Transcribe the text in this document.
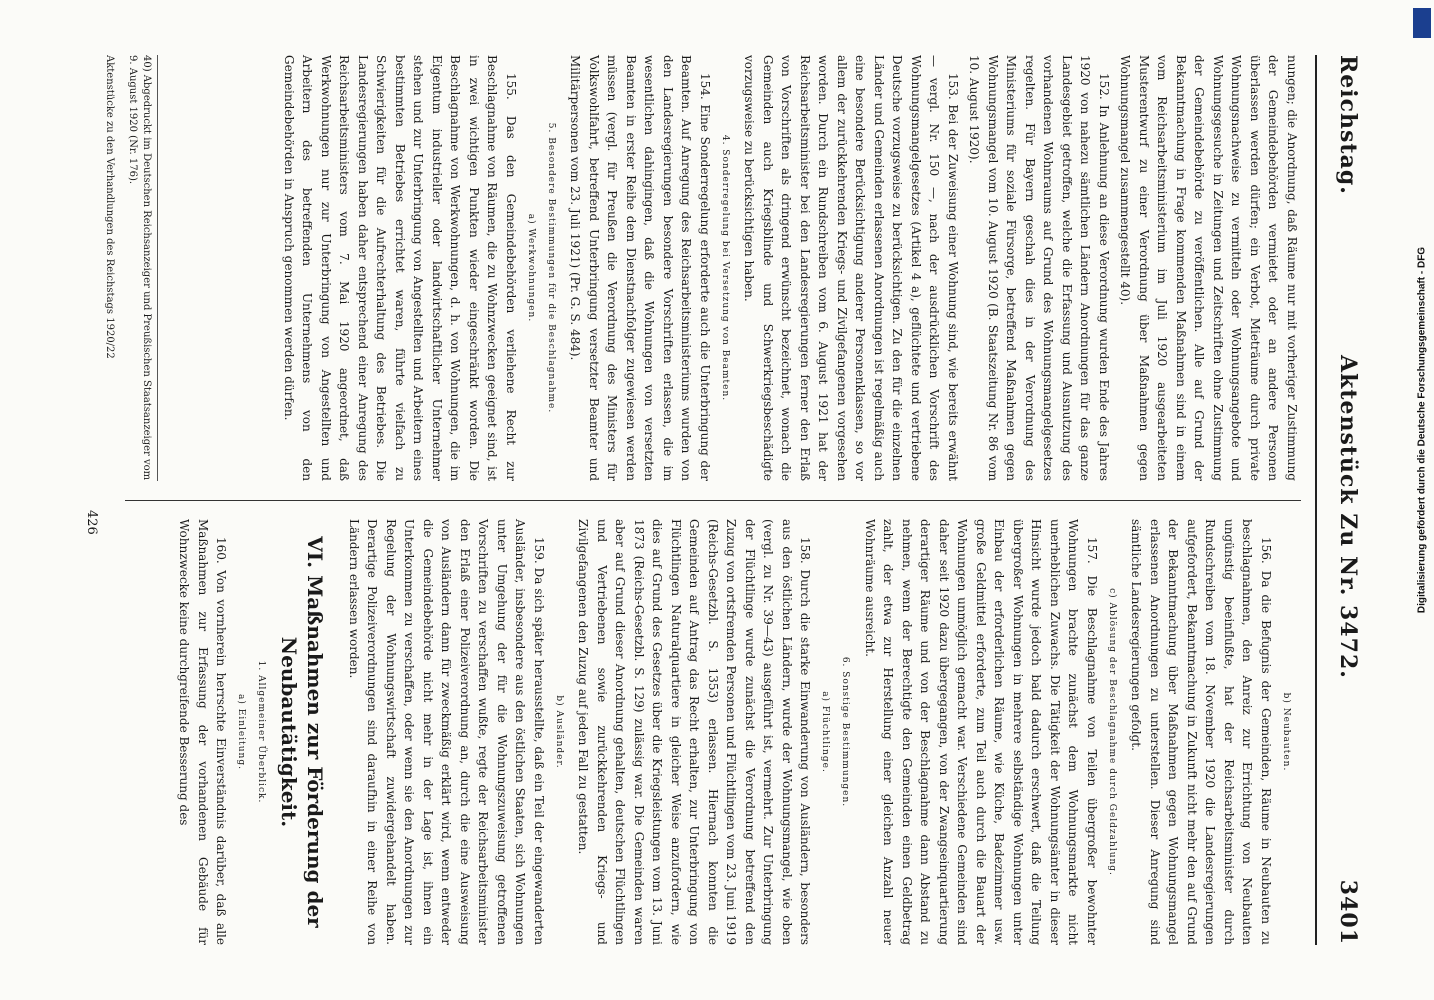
Reichstag.
Aktenstück Zu Nr. 3472.
3401

nungen; die Anordnung, daß Räume nur mit vorheriger Zustimmung der Gemeindebehörden vermietet oder an andere Personen überlassen werden dürfen; ein Verbot, Mieträume durch private Wohnungsnachweise zu vermitteln oder Wohnungsangebote und Wohnungsgesuche in Zeitungen und Zeitschriften ohne Zustimmung der Gemeindebehörde zu veröffentlichen. Alle auf Grund der Bekanntmachung in Frage kommenden Maßnahmen sind in einem vom Reichsarbeitsministerium im Juli 1920 ausgearbeiteten Musterentwurf zu einer Verordnung über Maßnahmen gegen Wohnungsmangel zusammengestellt 40).

152. In Anlehnung an diese Verordnung wurden Ende des Jahres 1920 von nahezu sämtlichen Ländern Anordnungen für das ganze Landesgebiet getroffen, welche die Erfassung und Ausnutzung des vorhandenen Wohnraums auf Grund des Wohnungsmangelgesetzes regelten. Für Bayern geschah dies in der Verordnung des Ministeriums für soziale Fürsorge, betreffend Maßnahmen gegen Wohnungsmangel vom 10. August 1920 (B. Staatszeitung Nr. 86 vom 10. August 1920).

153. Bei der Zuweisung einer Wohnung sind, wie bereits erwähnt — vergl. Nr. 150 —, nach der ausdrücklichen Vorschrift des Wohnungsmangelgesetzes (Artikel 4 a), geflüchtete und vertriebene Deutsche vorzugsweise zu berücksichtigen. Zu den für die einzelnen Länder und Gemeinden erlassenen Anordnungen ist regelmäßig auch eine besondere Berücksichtigung anderer Personenklassen, so vor allem der zurückkehrenden Kriegs- und Zivilgefangenen vorgesehen worden. Durch ein Rundschreiben vom 6. August 1921 hat der Reichsarbeitsminister bei den Landesregierungen ferner den Erlaß von Vorschriften als dringend erwünscht bezeichnet, wonach die Gemeinden auch Kriegsblinde und Schwerkriegsbeschädigte vorzugsweise zu berücksichtigen haben.

4. Sonderregelung bei Versetzung von Beamten.

154. Eine Sonderregelung erforderte auch die Unterbringung der Beamten. Auf Anregung des Reichsarbeitsministeriums wurden von den Landesregierungen besondere Vorschriften erlassen, die im wesentlichen dahingingen, daß die Wohnungen von versetzten Beamten in erster Reihe dem Dienstnachfolger zugewiesen werden müssen (vergl. für Preußen die Verordnung des Ministers für Volkswohlfahrt, betreffend Unterbringung versetzter Beamter und Militärpersonen vom 23. Juli 1921) (Pr. G. S. 484).

5. Besondere Bestimmungen für die Beschlagnahme.
a) Werkwohnungen.

155. Das den Gemeindebehörden verliehene Recht zur Beschlagnahme von Räumen, die zu Wohnzwecken geeignet sind, ist in zwei wichtigen Punkten wieder eingeschränkt worden. Die Beschlagnahme von Werkwohnungen, d. h. von Wohnungen, die im Eigentum industrieller oder landwirtschaftlicher Unternehmer stehen und zur Unterbringung von Angestellten und Arbeitern eines bestimmten Betriebes errichtet waren, führte vielfach zu Schwierigkeiten für die Aufrechterhaltung des Betriebes. Die Landesregierungen haben daher entsprechend einer Anregung des Reichsarbeitsministers vom 7. Mai 1920 angeordnet, daß Werkwohnungen nur zur Unterbringung von Angestellten und Arbeitern des betreffenden Unternehmens von den Gemeindebehörden in Anspruch genommen werden dürfen.

40) Abgedruckt im Deutschen Reichsanzeiger und Preußischen Staatsanzeiger vom 9. August 1920 (Nr. 176).

b) Neubauten.

156. Da die Befugnis der Gemeinden, Räume in Neubauten zu beschlagnahmen, den Anreiz zur Errichtung von Neubauten ungünstig beeinflußte, hat der Reichsarbeitsminister durch Rundschreiben vom 18. November 1920 die Landesregierungen aufgefordert, Bekanntmachung in Zukunft nicht mehr den auf Grund der Bekanntmachung über Maßnahmen gegen Wohnungsmangel erlassenen Anordnungen zu unterstellen. Dieser Anregung sind sämtliche Landesregierungen gefolgt.

c) Ablösung der Beschlagnahme durch Geldzahlung.

157. Die Beschlagnahme von Teilen übergroßer bewohnter Wohnungen brachte zunächst dem Wohnungsmarkte nicht unerheblichen Zuwachs. Die Tätigkeit der Wohnungsämter in dieser Hinsicht wurde jedoch bald dadurch erschwert, daß die Teilung übergroßer Wohnungen in mehrere selbständige Wohnungen unter Einbau der erforderlichen Räume, wie Küche, Badezimmer usw. große Geldmittel erforderte, zum Teil auch durch die Bauart der Wohnungen unmöglich gemacht war. Verschiedene Gemeinden sind daher seit 1920 dazu übergegangen, von der Zwangseinquartierung derartiger Räume und von der Beschlagnahme dann Abstand zu nehmen, wenn der Berechtigte den Gemeinden einen Geldbetrag zahlt, der etwa zur Herstellung einer gleichen Anzahl neuer Wohnräume ausreicht.

6. Sonstige Bestimmungen.
a) Flüchtlinge.

158. Durch die starke Einwanderung von Ausländern, besonders aus den östlichen Ländern, wurde der Wohnungsmangel, wie oben (vergl. zu Nr. 39—43) ausgeführt ist, vermehrt. Zur Unterbringung der Flüchtlinge wurde zunächst die Verordnung betreffend den Zuzug von ortsfremden Personen und Flüchtlingen vom 23. Juni 1919 (Reichs-Gesetzbl. S. 1353) erlassen. Hiernach konnten die Gemeinden auf Antrag das Recht erhalten, zur Unterbringung von Flüchtlingen Naturalquartiere in gleicher Weise anzufordern, wie dies auf Grund des Gesetzes über die Kriegsleistungen vom 13. Juni 1873 (Reichs-Gesetzbl. S. 129) zulässig war. Die Gemeinden waren aber auf Grund dieser Anordnung gehalten, deutschen Flüchtlingen und Vertriebenen sowie zurückkehrenden Kriegs- und Zivilgefangenen den Zuzug auf jeden Fall zu gestatten.

b) Ausländer.

159. Da sich später herausstellte, daß ein Teil der eingewanderten Ausländer, insbesondere aus den östlichen Staaten, sich Wohnungen unter Umgehung der für die Wohnungszuweisung getroffenen Vorschriften zu verschaffen wußte, regte der Reichsarbeitsminister den Erlaß einer Polizeiverordnung an, durch die eine Ausweisung von Ausländern dann für zweckmäßig erklärt wird, wenn entweder die Gemeindebehörde nicht mehr in der Lage ist, ihnen ein Unterkommen zu verschaffen, oder wenn sie den Anordnungen zur Regelung der Wohnungswirtschaft zuwidergehandelt haben. Derartige Polizeiverordnungen sind daraufhin in einer Reihe von Ländern erlassen worden.

VI. Maßnahmen zur Förderung der Neubautätigkeit.
1. Allgemeiner Überblick.
a) Einleitung.

160. Von vornherein herrschte Einverständnis darüber, daß alle Maßnahmen zur Erfassung der vorhandenen Gebäude für Wohnzwecke keine durchgreifende Besserung des

Aktenstücke zu den Verhandlungen des Reichstags 1920/22
426	Digitalisierung gefördert durch die Deutsche Forschungsgemeinschaft - DFG
